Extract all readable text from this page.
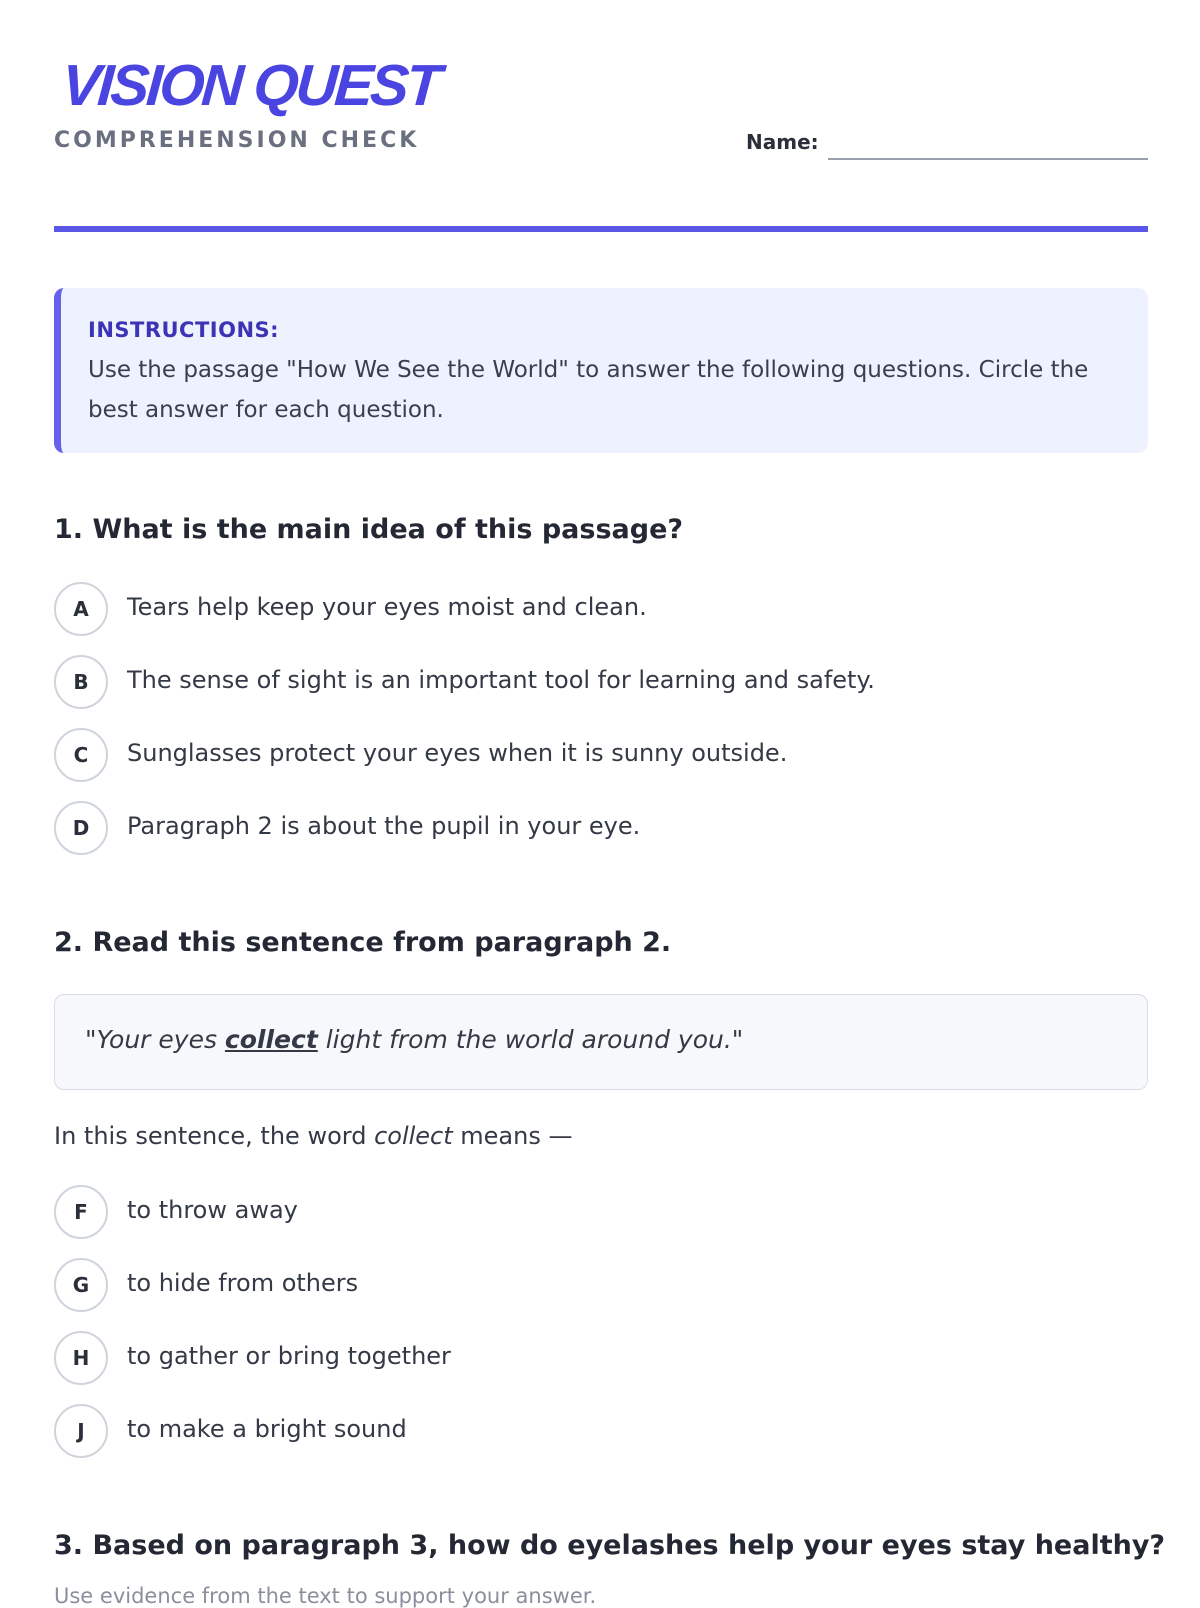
VISION QUEST
COMPREHENSION CHECK	Name:
INSTRUCTIONS:
Use the passage "How We See the World" to answer the following questions. Circle the best answer for each question.
1. What is the main idea of this passage?
A	Tears help keep your eyes moist and clean.
B	The sense of sight is an important tool for learning and safety.
C	Sunglasses protect your eyes when it is sunny outside.
D	Paragraph 2 is about the pupil in your eye.
2. Read this sentence from paragraph 2.
"Your eyes collect light from the world around you."
In this sentence, the word collect means —
F	to throw away
G	to hide from others
H	to gather or bring together
J	to make a bright sound
3. Based on paragraph 3, how do eyelashes help your eyes stay healthy?
Use evidence from the text to support your answer.
